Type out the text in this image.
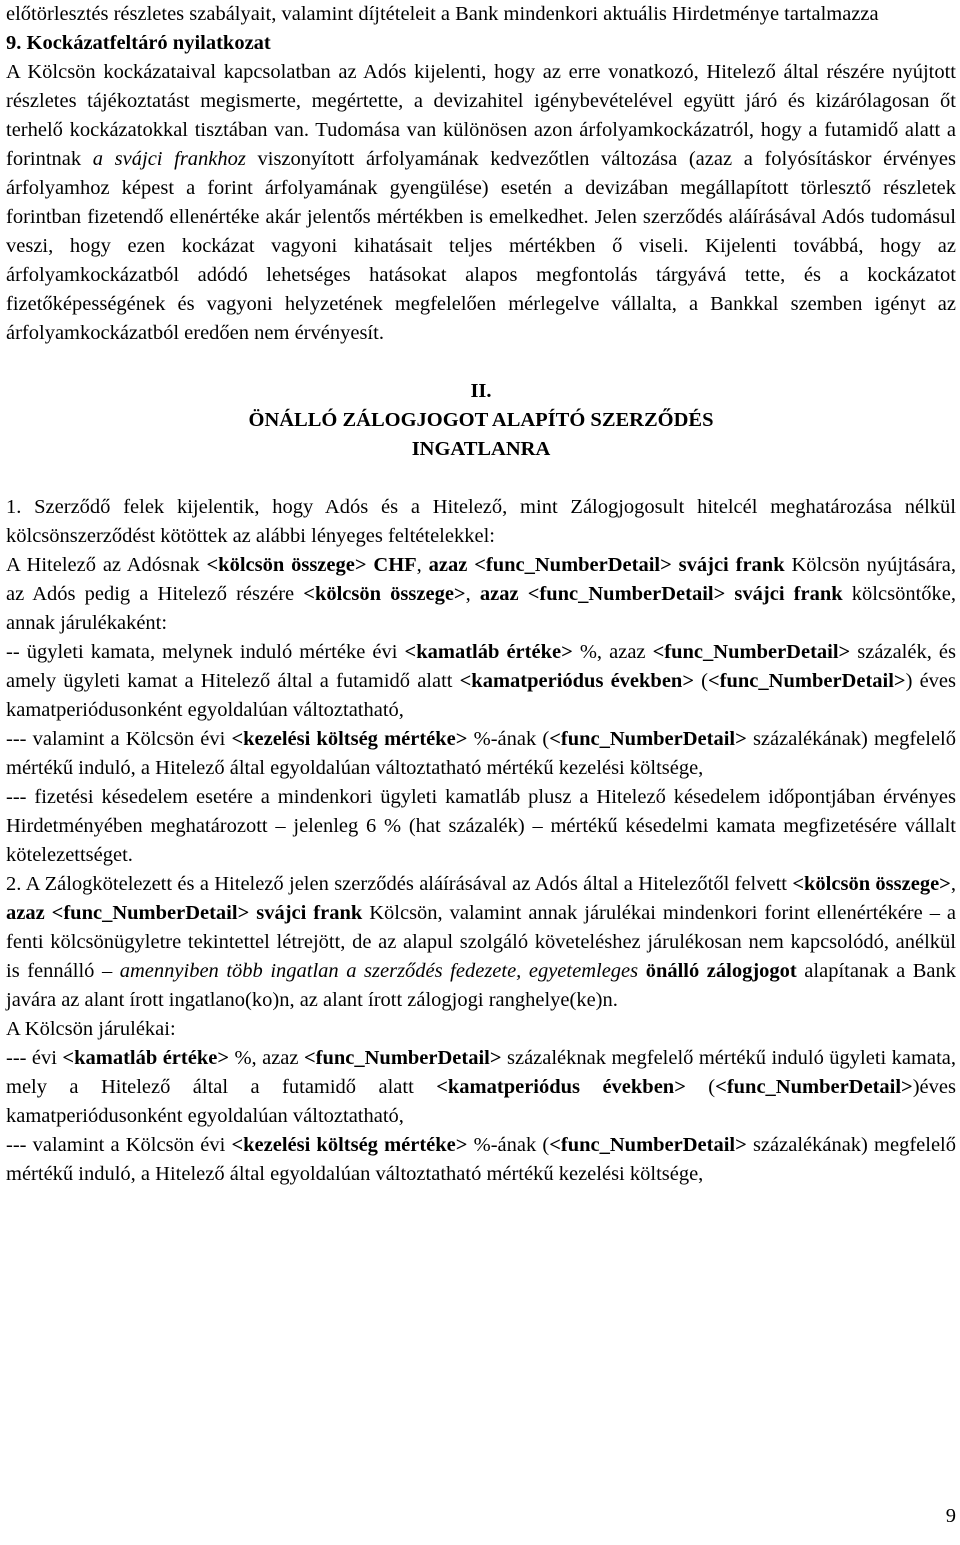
előtörlesztés részletes szabályait, valamint díjtételeit a Bank mindenkori aktuális Hirdetménye tartalmazza

9. Kockázatfeltáró nyilatkozat

A Kölcsön kockázataival kapcsolatban az Adós kijelenti, hogy az erre vonatkozó, Hitelező által részére nyújtott részletes tájékoztatást megismerte, megértette, a devizahitel igénybevételével együtt járó és kizárólagosan őt terhelő kockázatokkal tisztában van. Tudomása van különösen azon árfolyamkockázatról, hogy a futamidő alatt a forintnak a svájci frankhoz viszonyított árfolyamának kedvezőtlen változása (azaz a folyósításkor érvényes árfolyamhoz képest a forint árfolyamának gyengülése) esetén a devizában megállapított törlesztő részletek forintban fizetendő ellenértéke akár jelentős mértékben is emelkedhet. Jelen szerződés aláírásával Adós tudomásul veszi, hogy ezen kockázat vagyoni kihatásait teljes mértékben ő viseli. Kijelenti továbbá, hogy az árfolyamkockázatból adódó lehetséges hatásokat alapos megfontolás tárgyává tette, és a kockázatot fizetőképességének és vagyoni helyzetének megfelelően mérlegelve vállalta, a Bankkal szemben igényt az árfolyamkockázatból eredően nem érvényesít.

II.

ÖNÁLLÓ ZÁLOGJOGOT ALAPÍTÓ SZERZŐDÉS

INGATLANRA

1. Szerződő felek kijelentik, hogy Adós és a Hitelező, mint Zálogjogosult hitelcél meghatározása nélkül kölcsönszerződést kötöttek az alábbi lényeges feltételekkel:

A Hitelező az Adósnak <kölcsön összege> CHF, azaz <func_NumberDetail> svájci frank Kölcsön nyújtására, az Adós pedig a Hitelező részére <kölcsön összege>, azaz <func_NumberDetail> svájci frank kölcsöntőke, annak járulékaként:

-- ügyleti kamata, melynek induló mértéke évi <kamatláb értéke> %, azaz <func_NumberDetail> százalék, és amely ügyleti kamat a Hitelező által a futamidő alatt <kamatperiódus években> (<func_NumberDetail>) éves kamatperiódusonként egyoldalúan változtatható,

--- valamint a Kölcsön évi <kezelési költség mértéke> %-ának (<func_NumberDetail> százalékának) megfelelő mértékű induló, a Hitelező által egyoldalúan változtatható mértékű kezelési költsége,

--- fizetési késedelem esetére a mindenkori ügyleti kamatláb plusz a Hitelező késedelem időpontjában érvényes Hirdetményében meghatározott – jelenleg 6 % (hat százalék) – mértékű késedelmi kamata megfizetésére vállalt kötelezettséget.

2. A Zálogkötelezett és a Hitelező jelen szerződés aláírásával az Adós által a Hitelezőtől felvett <kölcsön összege>, azaz <func_NumberDetail> svájci frank Kölcsön, valamint annak járulékai mindenkori forint ellenértékére – a fenti kölcsönügyletre tekintettel létrejött, de az alapul szolgáló követeléshez járulékosan nem kapcsolódó, anélkül is fennálló – amennyiben több ingatlan a szerződés fedezete, egyetemleges önálló zálogjogot alapítanak a Bank javára az alant írott ingatlano(ko)n, az alant írott zálogjogi ranghelye(ke)n.

A Kölcsön járulékai:

--- évi <kamatláb értéke> %, azaz <func_NumberDetail> százaléknak megfelelő mértékű induló ügyleti kamata, mely a Hitelező által a futamidő alatt <kamatperiódus években> (<func_NumberDetail>)éves kamatperiódusonként egyoldalúan változtatható,

--- valamint a Kölcsön évi <kezelési költség mértéke> %-ának (<func_NumberDetail> százalékának) megfelelő mértékű induló, a Hitelező által egyoldalúan változtatható mértékű kezelési költsége,

9
